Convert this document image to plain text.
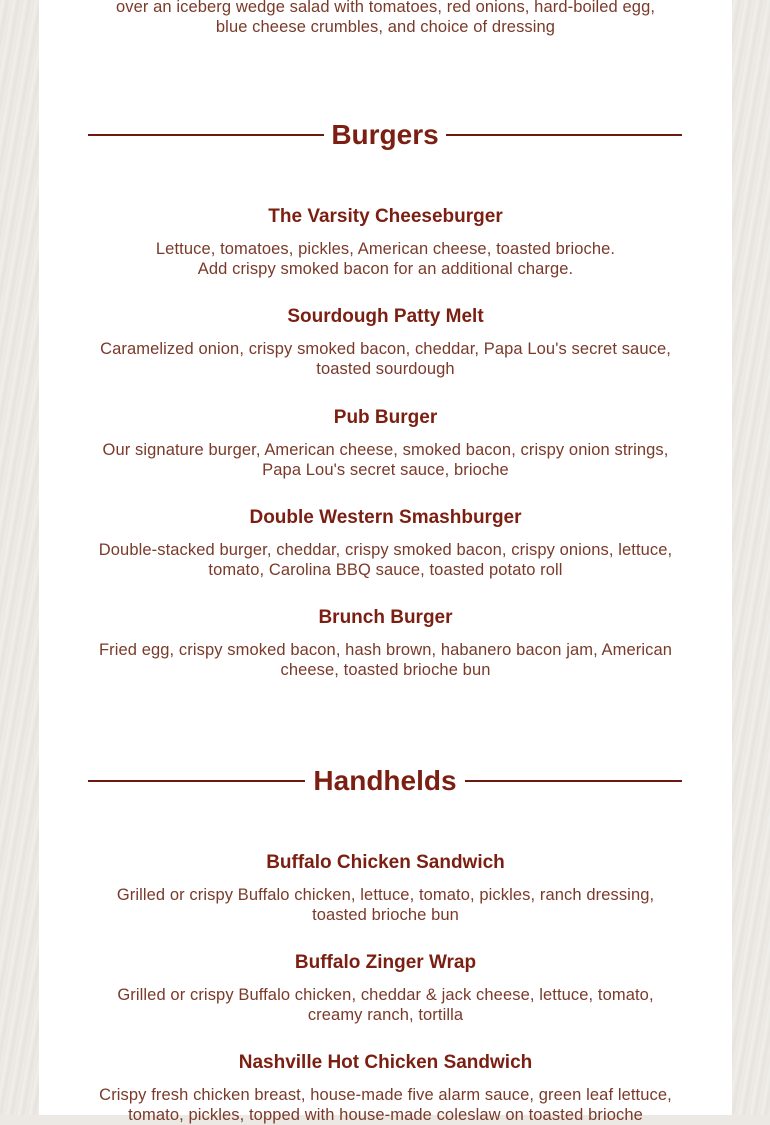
over an iceberg wedge salad with tomatoes, red onions, hard-boiled egg,
blue cheese crumbles, and choice of dressing
Burgers
The Varsity Cheeseburger
Lettuce, tomatoes, pickles, American cheese, toasted brioche.
Add crispy smoked bacon for an additional charge.
Sourdough Patty Melt
Caramelized onion, crispy smoked bacon, cheddar, Papa Lou's secret sauce,
toasted sourdough
Pub Burger
Our signature burger, American cheese, smoked bacon, crispy onion strings,
Papa Lou's secret sauce, brioche
Double Western Smashburger
Double-stacked burger, cheddar, crispy smoked bacon, crispy onions, lettuce,
tomato, Carolina BBQ sauce, toasted potato roll
Brunch Burger
Fried egg, crispy smoked bacon, hash brown, habanero bacon jam, American
cheese, toasted brioche bun
Handhelds
Buffalo Chicken Sandwich
Grilled or crispy Buffalo chicken, lettuce, tomato, pickles, ranch dressing,
toasted brioche bun
Buffalo Zinger Wrap
Grilled or crispy Buffalo chicken, cheddar & jack cheese, lettuce, tomato,
creamy ranch, tortilla
Nashville Hot Chicken Sandwich
Crispy fresh chicken breast, house-made five alarm sauce, green leaf lettuce,
tomato, pickles, topped with house-made coleslaw on toasted brioche
